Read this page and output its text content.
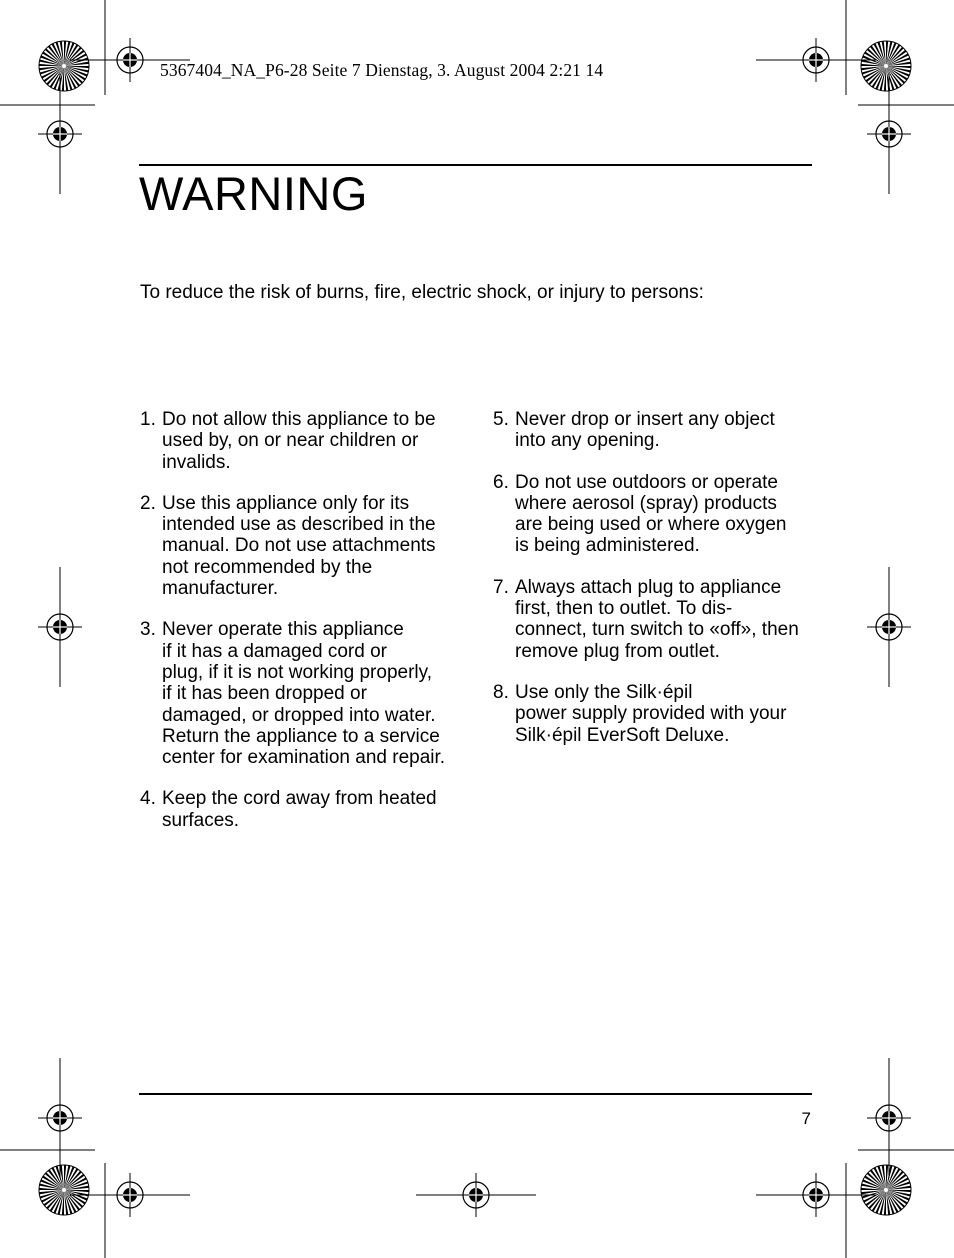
5367404_NA_P6-28 Seite 7 Dienstag, 3. August 2004 2:21 14
WARNING
To reduce the risk of burns, fire, electric shock, or injury to persons:
1. Do not allow this appliance to be
used by, on or near children or
invalids.
2. Use this appliance only for its
intended use as described in the
manual. Do not use attachments
not recommended by the
manufacturer.
3. Never operate this appliance
if it has a damaged cord or
plug, if it is not working properly,
if it has been dropped or
damaged, or dropped into water.
Return the appliance to a service
center for examination and repair.
4. Keep the cord away from heated
surfaces.
5. Never drop or insert any object
into any opening.
6. Do not use outdoors or operate
where aerosol (spray) products
are being used or where oxygen
is being administered.
7. Always attach plug to appliance
first, then to outlet. To dis-
connect, turn switch to «off», then
remove plug from outlet.
8. Use only the Silk·épil
power supply provided with your
Silk·épil EverSoft Deluxe.
7
